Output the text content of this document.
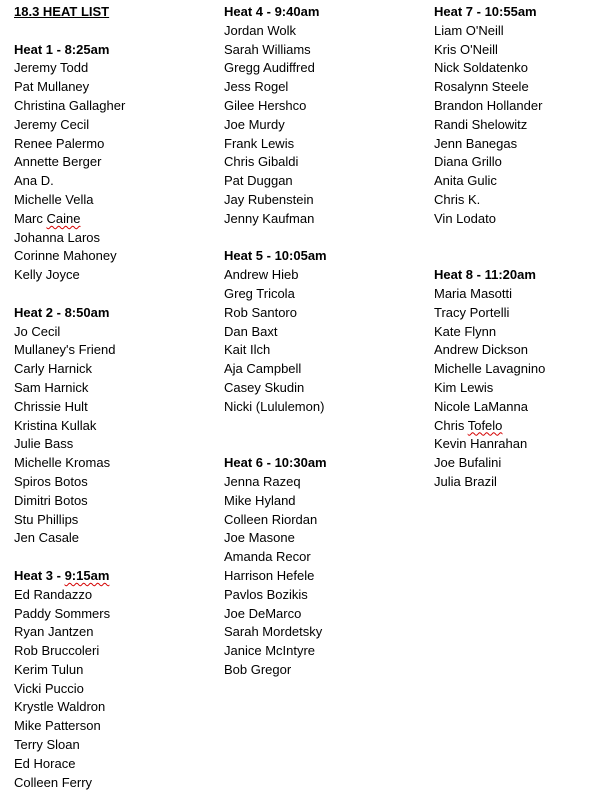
18.3 HEAT LIST
Heat 1 - 8:25am
Jeremy Todd
Pat Mullaney
Christina Gallagher
Jeremy Cecil
Renee Palermo
Annette Berger
Ana D.
Michelle Vella
Marc Caine
Johanna Laros
Corinne Mahoney
Kelly Joyce
Heat 2 - 8:50am
Jo Cecil
Mullaney's Friend
Carly Harnick
Sam Harnick
Chrissie Hult
Kristina Kullak
Julie Bass
Michelle Kromas
Spiros Botos
Dimitri Botos
Stu Phillips
Jen Casale
Heat 3 - 9:15am
Ed Randazzo
Paddy Sommers
Ryan Jantzen
Rob Bruccoleri
Kerim Tulun
Vicki Puccio
Krystle Waldron
Mike Patterson
Terry Sloan
Ed Horace
Colleen Ferry
Heat 4 - 9:40am
Jordan Wolk
Sarah Williams
Gregg Audiffred
Jess Rogel
Gilee Hershco
Joe Murdy
Frank Lewis
Chris Gibaldi
Pat Duggan
Jay Rubenstein
Jenny Kaufman
Heat 5 - 10:05am
Andrew Hieb
Greg Tricola
Rob Santoro
Dan Baxt
Kait Ilch
Aja Campbell
Casey Skudin
Nicki (Lululemon)
Heat 6 - 10:30am
Jenna Razeq
Mike Hyland
Colleen Riordan
Joe Masone
Amanda Recor
Harrison Hefele
Pavlos Bozikis
Joe DeMarco
Sarah Mordetsky
Janice McIntyre
Bob Gregor
Heat 7 - 10:55am
Liam O'Neill
Kris O'Neill
Nick Soldatenko
Rosalynn Steele
Brandon Hollander
Randi Shelowitz
Jenn Banegas
Diana Grillo
Anita Gulic
Chris K.
Vin Lodato
Heat 8 - 11:20am
Maria Masotti
Tracy Portelli
Kate Flynn
Andrew Dickson
Michelle Lavagnino
Kim Lewis
Nicole LaManna
Chris Tofelo
Kevin Hanrahan
Joe Bufalini
Julia Brazil
